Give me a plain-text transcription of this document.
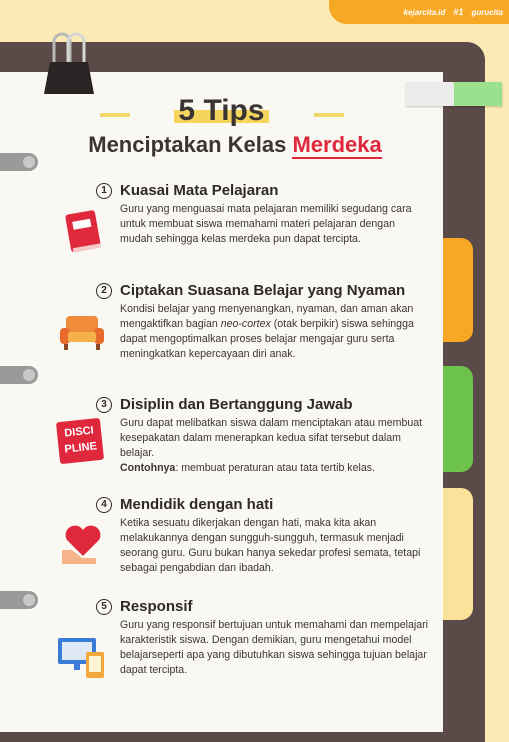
kejarcita.id #1 gurucita
5 Tips
Menciptakan Kelas Merdeka
1 Kuasai Mata Pelajaran

Guru yang menguasai mata pelajaran memiliki segudang cara untuk membuat siswa memahami materi pelajaran dengan mudah sehingga kelas merdeka pun dapat tercipta.

2 Ciptakan Suasana Belajar yang Nyaman

Kondisi belajar yang menyenangkan, nyaman, dan aman akan mengaktifkan bagian neo-cortex (otak berpikir) siswa sehingga dapat mengoptimalkan proses belajar mengajar guru serta meningkatkan kepercayaan diri anak.

DISCI
PLINE
3 Disiplin dan Bertanggung Jawab

Guru dapat melibatkan siswa dalam menciptakan atau membuat kesepakatan dalam menerapkan kedua sifat tersebut dalam belajar.

Contohnya: membuat peraturan atau tata tertib kelas.

4 Mendidik dengan hati

Ketika sesuatu dikerjakan dengan hati, maka kita akan melakukannya dengan sungguh-sungguh, termasuk menjadi seorang guru. Guru bukan hanya sekedar profesi semata, tetapi sebagai pengabdian dan ibadah.

5 Responsif

Guru yang responsif bertujuan untuk memahami dan mempelajari karakteristik siswa. Dengan demikian, guru mengetahui model belajarseperti apa yang dibutuhkan siswa sehingga tujuan belajar dapat tercipta.
